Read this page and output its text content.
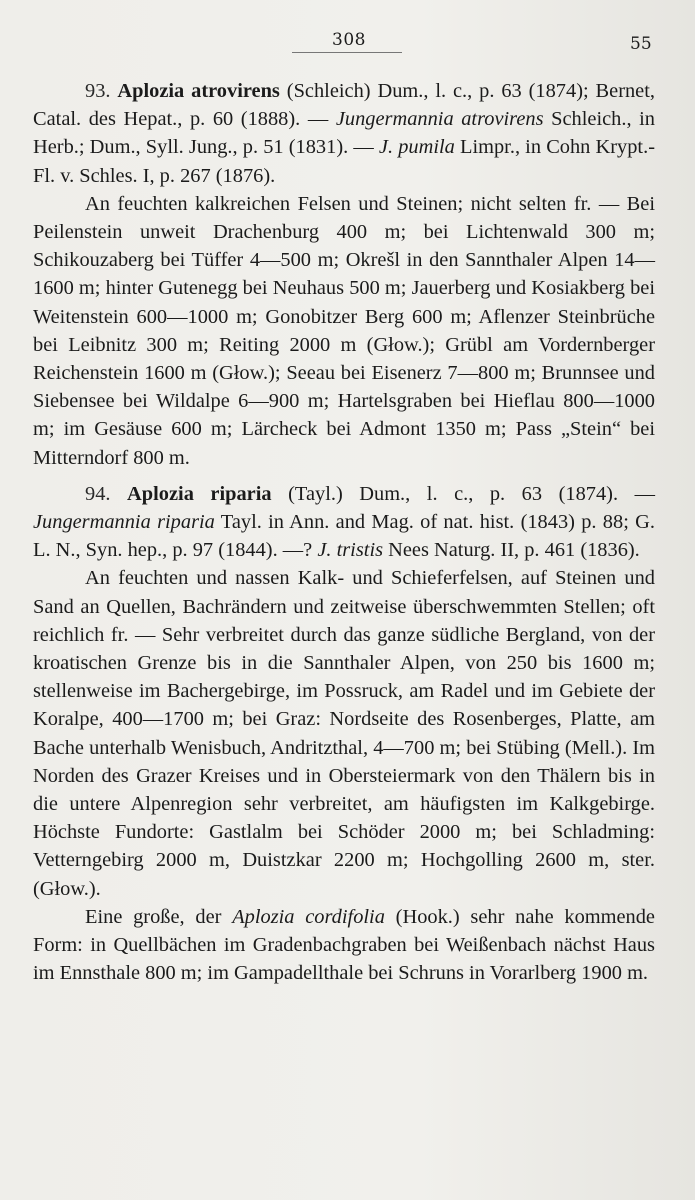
308	55

93. Aplozia atrovirens (Schleich) Dum., l. c., p. 63 (1874); Bernet, Catal. des Hepat., p. 60 (1888). — Jungermannia atrovirens Schleich., in Herb.; Dum., Syll. Jung., p. 51 (1831). — J. pumila Limpr., in Cohn Krypt.-Fl. v. Schles. I, p. 267 (1876).

An feuchten kalkreichen Felsen und Steinen; nicht selten fr. — Bei Peilenstein unweit Drachenburg 400 m; bei Lichtenwald 300 m; Schikouzaberg bei Tüffer 4—500 m; Okrešl in den Sannthaler Alpen 14—1600 m; hinter Gutenegg bei Neuhaus 500 m; Jauerberg und Kosiakberg bei Weitenstein 600—1000 m; Gonobitzer Berg 600 m; Aflenzer Steinbrüche bei Leibnitz 300 m; Reiting 2000 m (Głow.); Grübl am Vordernberger Reichenstein 1600 m (Głow.); Seeau bei Eisenerz 7—800 m; Brunnsee und Siebensee bei Wildalpe 6—900 m; Hartelsgraben bei Hieflau 800—1000 m; im Gesäuse 600 m; Lärcheck bei Admont 1350 m; Pass „Stein“ bei Mitterndorf 800 m.

94. Aplozia riparia (Tayl.) Dum., l. c., p. 63 (1874). — Jungermannia riparia Tayl. in Ann. and Mag. of nat. hist. (1843) p. 88; G. L. N., Syn. hep., p. 97 (1844). —? J. tristis Nees Naturg. II, p. 461 (1836).

An feuchten und nassen Kalk- und Schieferfelsen, auf Steinen und Sand an Quellen, Bachrändern und zeitweise überschwemmten Stellen; oft reichlich fr. — Sehr verbreitet durch das ganze südliche Bergland, von der kroatischen Grenze bis in die Sannthaler Alpen, von 250 bis 1600 m; stellenweise im Bachergebirge, im Possruck, am Radel und im Gebiete der Koralpe, 400—1700 m; bei Graz: Nordseite des Rosenberges, Platte, am Bache unterhalb Wenisbuch, Andritzthal, 4—700 m; bei Stübing (Mell.). Im Norden des Grazer Kreises und in Obersteiermark von den Thälern bis in die untere Alpenregion sehr verbreitet, am häufigsten im Kalkgebirge. Höchste Fundorte: Gastlalm bei Schöder 2000 m; bei Schladming: Vetterngebirg 2000 m, Duistzkar 2200 m; Hochgolling 2600 m, ster. (Głow.).

Eine große, der Aplozia cordifolia (Hook.) sehr nahe kommende Form: in Quellbächen im Gradenbachgraben bei Weißenbach nächst Haus im Ennsthale 800 m; im Gampadellthale bei Schruns in Vorarlberg 1900 m.
